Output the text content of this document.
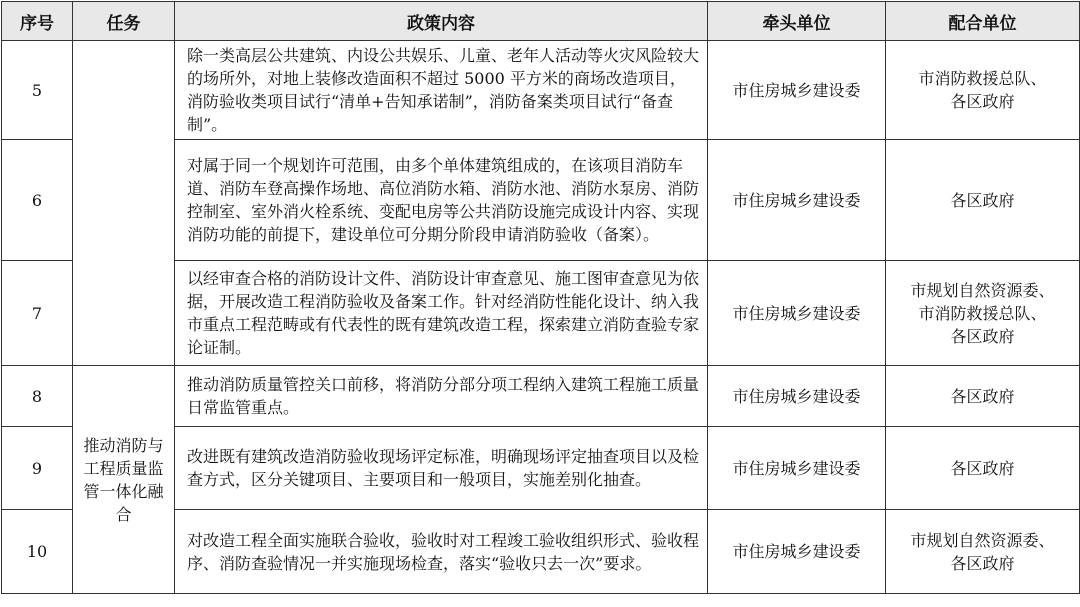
序号	任务	政策内容	牵头单位	配合单位
5		除一类高层公共建筑、内设公共娱乐、儿童、老年人活动等火灾风险较大的场所外，对地上装修改造面积不超过 5000 平方米的商场改造项目，消防验收类项目试行“清单+告知承诺制”，消防备案类项目试行“备查制”。	市住房城乡建设委	市消防救援总队、
各区政府

6		对属于同一个规划许可范围，由多个单体建筑组成的，在该项目消防车道、消防车登高操作场地、高位消防水箱、消防水池、消防水泵房、消防控制室、室外消火栓系统、变配电房等公共消防设施完成设计内容、实现消防功能的前提下，建设单位可分期分阶段申请消防验收（备案）。	市住房城乡建设委	各区政府

7		以经审查合格的消防设计文件、消防设计审查意见、施工图审查意见为依据，开展改造工程消防验收及备案工作。针对经消防性能化设计、纳入我市重点工程范畴或有代表性的既有建筑改造工程，探索建立消防查验专家论证制。	市住房城乡建设委	市规划自然资源委、
市消防救援总队、
各区政府

8	推动消防与工程质量监管一体化融合	推动消防质量管控关口前移，将消防分部分项工程纳入建筑工程施工质量日常监管重点。	市住房城乡建设委	各区政府

9		改进既有建筑改造消防验收现场评定标准，明确现场评定抽查项目以及检查方式，区分关键项目、主要项目和一般项目，实施差别化抽查。	市住房城乡建设委	各区政府

10		对改造工程全面实施联合验收，验收时对工程竣工验收组织形式、验收程序、消防查验情况一并实施现场检查，落实“验收只去一次”要求。	市住房城乡建设委	市规划自然资源委、
各区政府
